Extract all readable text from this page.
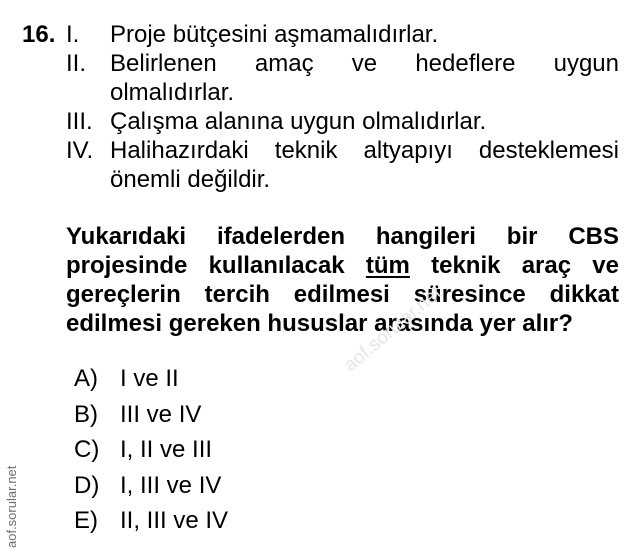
16. I.	Proje bütçesini aşmamalıdırlar.
II. Belirlenen amaç ve hedeflere uygun olmalıdırlar.
III. Çalışma alanına uygun olmalıdırlar.
IV. Halihazırdaki teknik altyapıyı desteklemesi önemli değildir.
Yukarıdaki ifadelerden hangileri bir CBS projesinde kullanılacak tüm teknik araç ve gereçlerin tercih edilmesi süresince dikkat edilmesi gereken hususlar arasında yer alır?
A) I ve II
B) III ve IV
C) I, II ve III
D) I, III ve IV
E) II, III ve IV
aof.sorular.net
aof.sorular.net
